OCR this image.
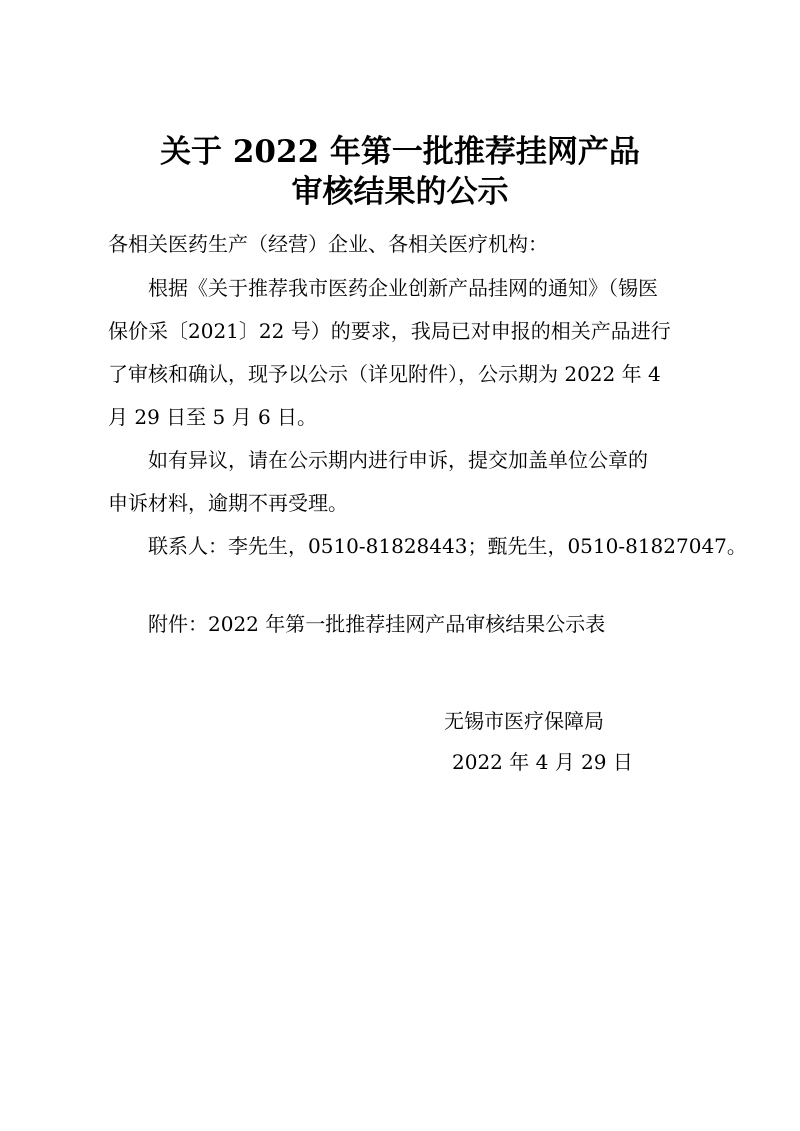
关于 2022 年第一批推荐挂网产品
审核结果的公示
各相关医药生产（经营）企业、各相关医疗机构：
根据《关于推荐我市医药企业创新产品挂网的通知》（锡医
保价采〔2021〕22 号）的要求，我局已对申报的相关产品进行
了审核和确认，现予以公示（详见附件），公示期为 2022 年 4
月 29 日至 5 月 6 日。
如有异议，请在公示期内进行申诉，提交加盖单位公章的
申诉材料，逾期不再受理。
联系人：李先生，0510-81828443；甄先生，0510-81827047。
附件：2022 年第一批推荐挂网产品审核结果公示表
无锡市医疗保障局
2022 年 4 月 29 日
